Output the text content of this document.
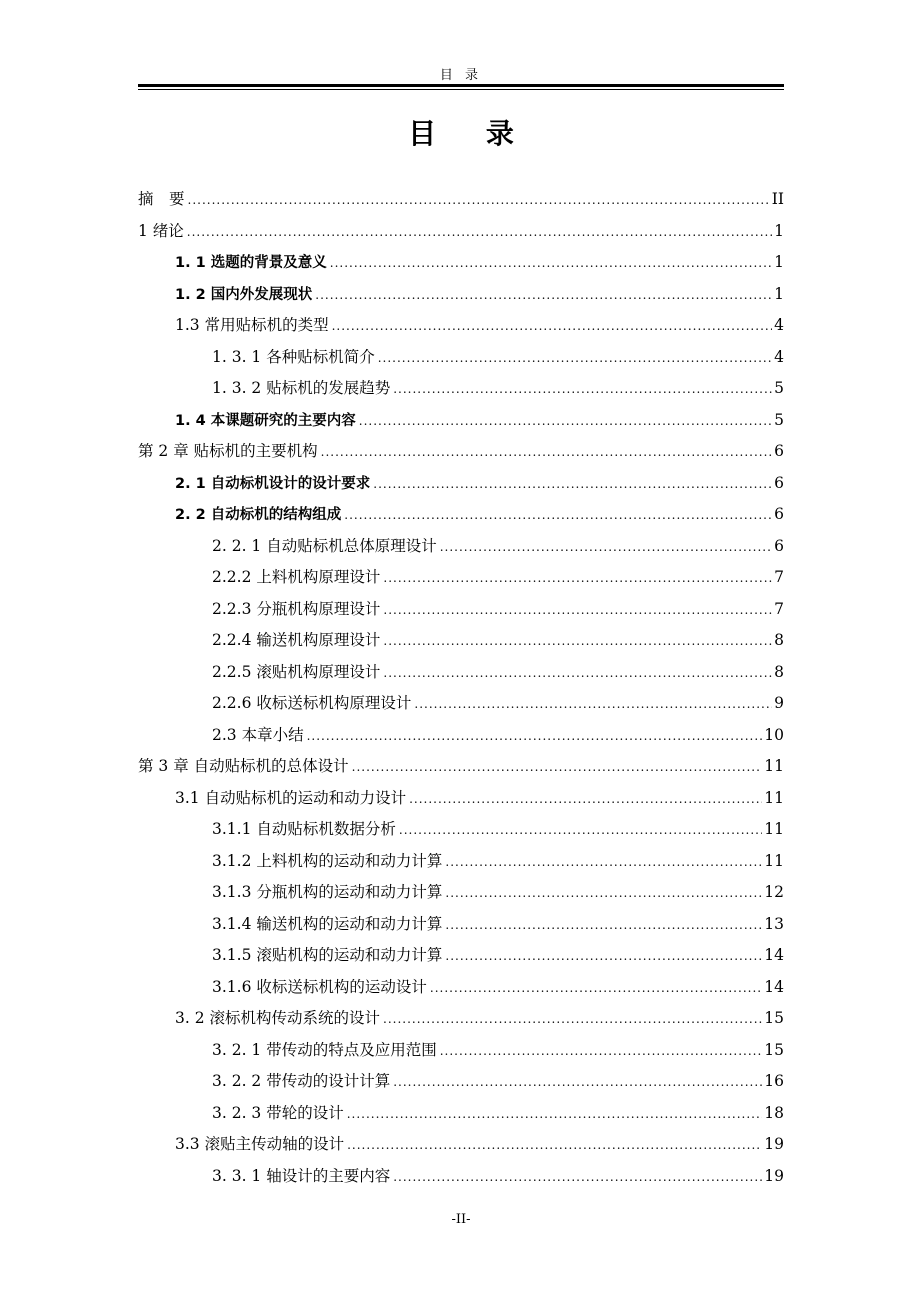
目 录
目 录
摘　要 .....	II
1 绪论 .....	1
1. 1 选题的背景及意义 .....	1
1. 2 国内外发展现状 .....	1
1.3 常用贴标机的类型 .....	4
1. 3. 1 各种贴标机简介 .....	4
1. 3. 2 贴标机的发展趋势 .....	5
1. 4 本课题研究的主要内容 .....	5
第 2 章 贴标机的主要机构 .....	6
2. 1 自动标机设计的设计要求 .....	6
2. 2 自动标机的结构组成 .....	6
2. 2. 1 自动贴标机总体原理设计 .....	6
2.2.2 上料机构原理设计 .....	7
2.2.3 分瓶机构原理设计 .....	7
2.2.4 输送机构原理设计 .....	8
2.2.5 滚贴机构原理设计 .....	8
2.2.6 收标送标机构原理设计 .....	9
2.3 本章小结 .....	10
第 3 章 自动贴标机的总体设计 .....	11
3.1 自动贴标机的运动和动力设计 .....	11
3.1.1 自动贴标机数据分析 .....	11
3.1.2 上料机构的运动和动力计算 .....	11
3.1.3 分瓶机构的运动和动力计算 .....	12
3.1.4 输送机构的运动和动力计算 .....	13
3.1.5 滚贴机构的运动和动力计算 .....	14
3.1.6 收标送标机构的运动设计 .....	14
3. 2 滚标机构传动系统的设计 .....	15
3. 2. 1 带传动的特点及应用范围 .....	15
3. 2. 2 带传动的设计计算 .....	16
3. 2. 3 带轮的设计 .....	18
3.3 滚贴主传动轴的设计 .....	19
3. 3. 1 轴设计的主要内容 .....	19
-II-
